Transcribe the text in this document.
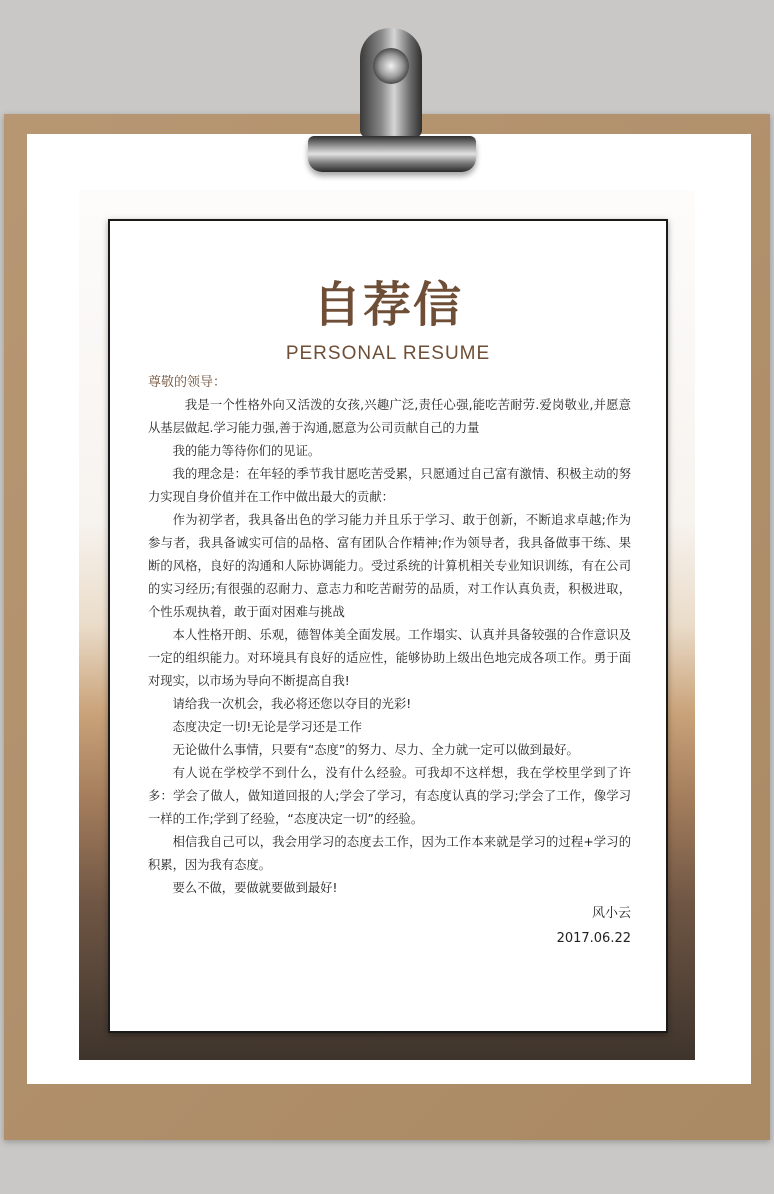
自荐信
PERSONAL RESUME
尊敬的领导：

我是一个性格外向又活泼的女孩,兴趣广泛,责任心强,能吃苦耐劳.爱岗敬业,并愿意从基层做起.学习能力强,善于沟通,愿意为公司贡献自己的力量

我的能力等待你们的见证。

我的理念是：在年轻的季节我甘愿吃苦受累，只愿通过自己富有激情、积极主动的努力实现自身价值并在工作中做出最大的贡献：

作为初学者，我具备出色的学习能力并且乐于学习、敢于创新，不断追求卓越;作为参与者，我具备诚实可信的品格、富有团队合作精神;作为领导者，我具备做事干练、果断的风格，良好的沟通和人际协调能力。受过系统的计算机相关专业知识训练，有在公司的实习经历;有很强的忍耐力、意志力和吃苦耐劳的品质，对工作认真负责，积极进取，个性乐观执着，敢于面对困难与挑战

本人性格开朗、乐观，德智体美全面发展。工作塌实、认真并具备较强的合作意识及一定的组织能力。对环境具有良好的适应性，能够协助上级出色地完成各项工作。勇于面对现实，以市场为导向不断提高自我!

请给我一次机会，我必将还您以夺目的光彩!

态度决定一切!无论是学习还是工作

无论做什么事情，只要有“态度”的努力、尽力、全力就一定可以做到最好。

有人说在学校学不到什么，没有什么经验。可我却不这样想，我在学校里学到了许多：学会了做人，做知道回报的人;学会了学习，有态度认真的学习;学会了工作，像学习一样的工作;学到了经验，“态度决定一切”的经验。

相信我自己可以，我会用学习的态度去工作，因为工作本来就是学习的过程+学习的积累，因为我有态度。

要么不做，要做就要做到最好!

风小云
2017.06.22
